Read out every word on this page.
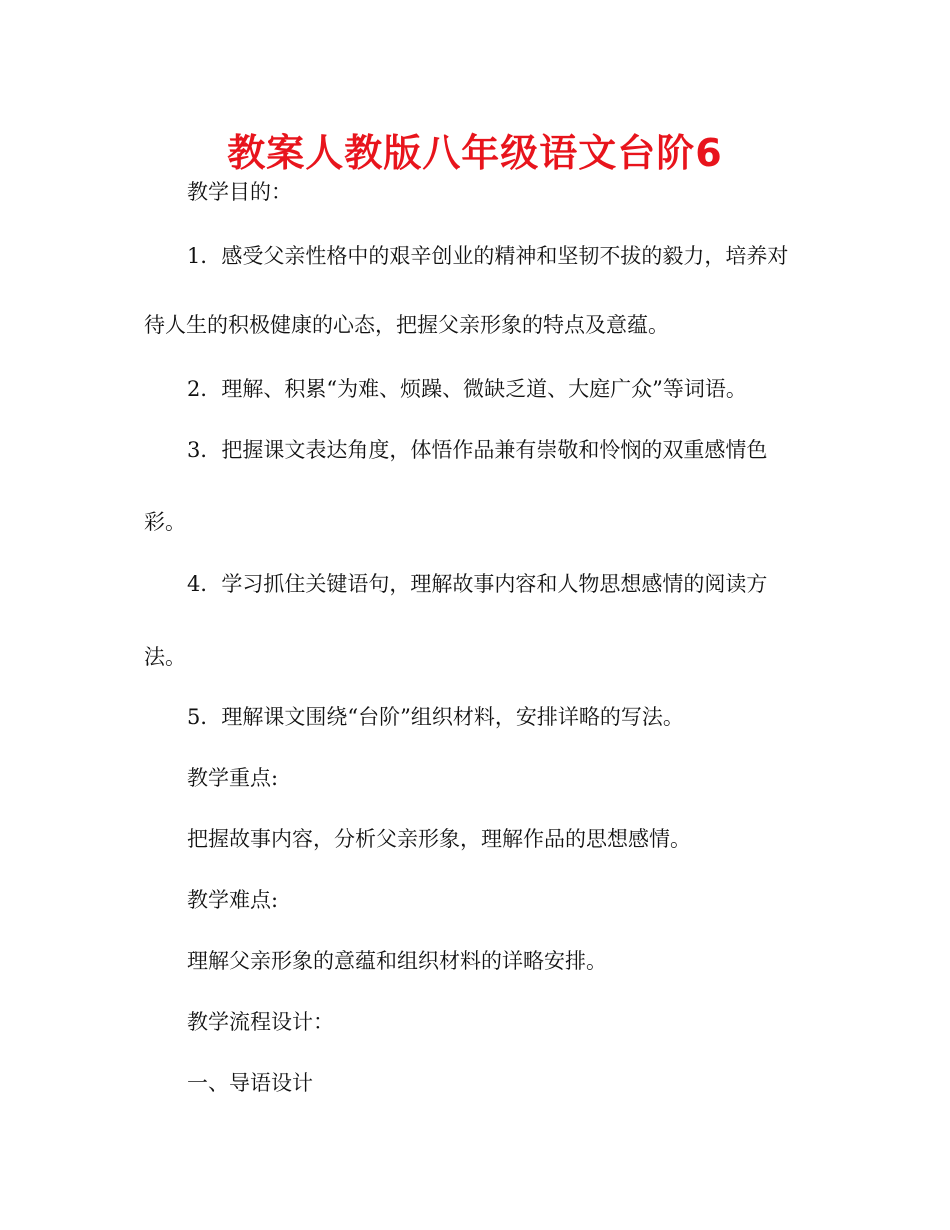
教案人教版八年级语文台阶6

教学目的：

1．感受父亲性格中的艰辛创业的精神和坚韧不拔的毅力，培养对

待人生的积极健康的心态，把握父亲形象的特点及意蕴。

2．理解、积累“为难、烦躁、微缺乏道、大庭广众”等词语。

3．把握课文表达角度，体悟作品兼有崇敬和怜悯的双重感情色

彩。

4．学习抓住关键语句，理解故事内容和人物思想感情的阅读方

法。

5．理解课文围绕“台阶”组织材料，安排详略的写法。

教学重点:

把握故事内容，分析父亲形象，理解作品的思想感情。

教学难点:

理解父亲形象的意蕴和组织材料的详略安排。

教学流程设计：

一、导语设计
